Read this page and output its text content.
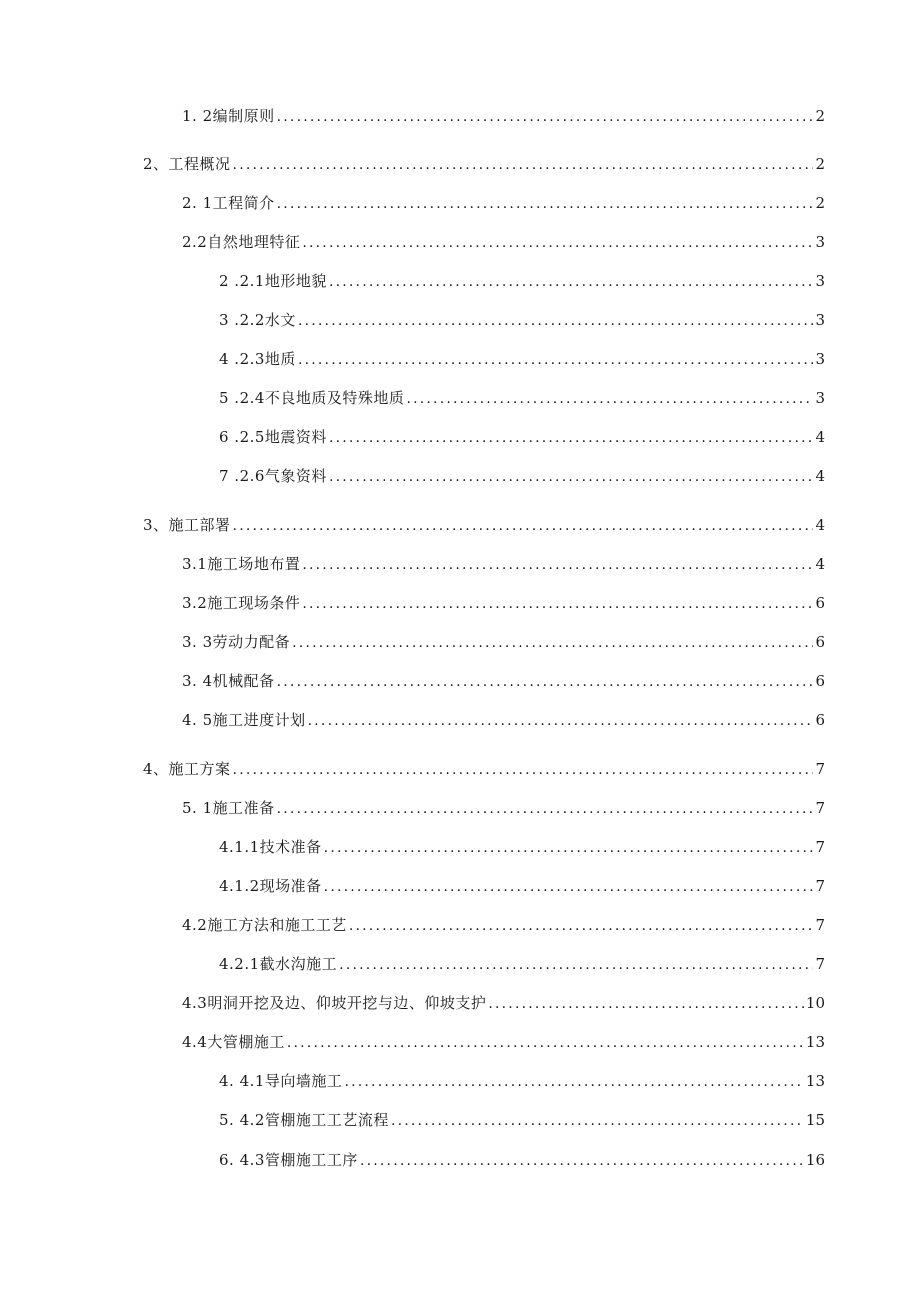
1. 2编制原则 .....	2
2、工程概况 .....	2
2. 1工程简介 .....	2
2.2自然地理特征 .....	3
2 .2.1地形地貌 .....	3
3 .2.2水文 .....	3
4 .2.3地质 .....	3
5 .2.4不良地质及特殊地质 .....	3
6 .2.5地震资料 .....	4
7 .2.6气象资料 .....	4
3、施工部署 .....	4
3.1施工场地布置 .....	4
3.2施工现场条件 .....	6
3. 3劳动力配备 .....	6
3. 4机械配备 .....	6
4. 5施工进度计划 .....	6
4、施工方案 .....	7
5. 1施工准备 .....	7
4.1.1技术准备 .....	7
4.1.2现场准备 .....	7
4.2施工方法和施工工艺 .....	7
4.2.1截水沟施工 .....	7
4.3明洞开挖及边、仰坡开挖与边、仰坡支护 .....	10
4.4大管棚施工 .....	13
4. 4.1导向墙施工 .....	13
5. 4.2管棚施工工艺流程 .....	15
6. 4.3管棚施工工序 .....	16
